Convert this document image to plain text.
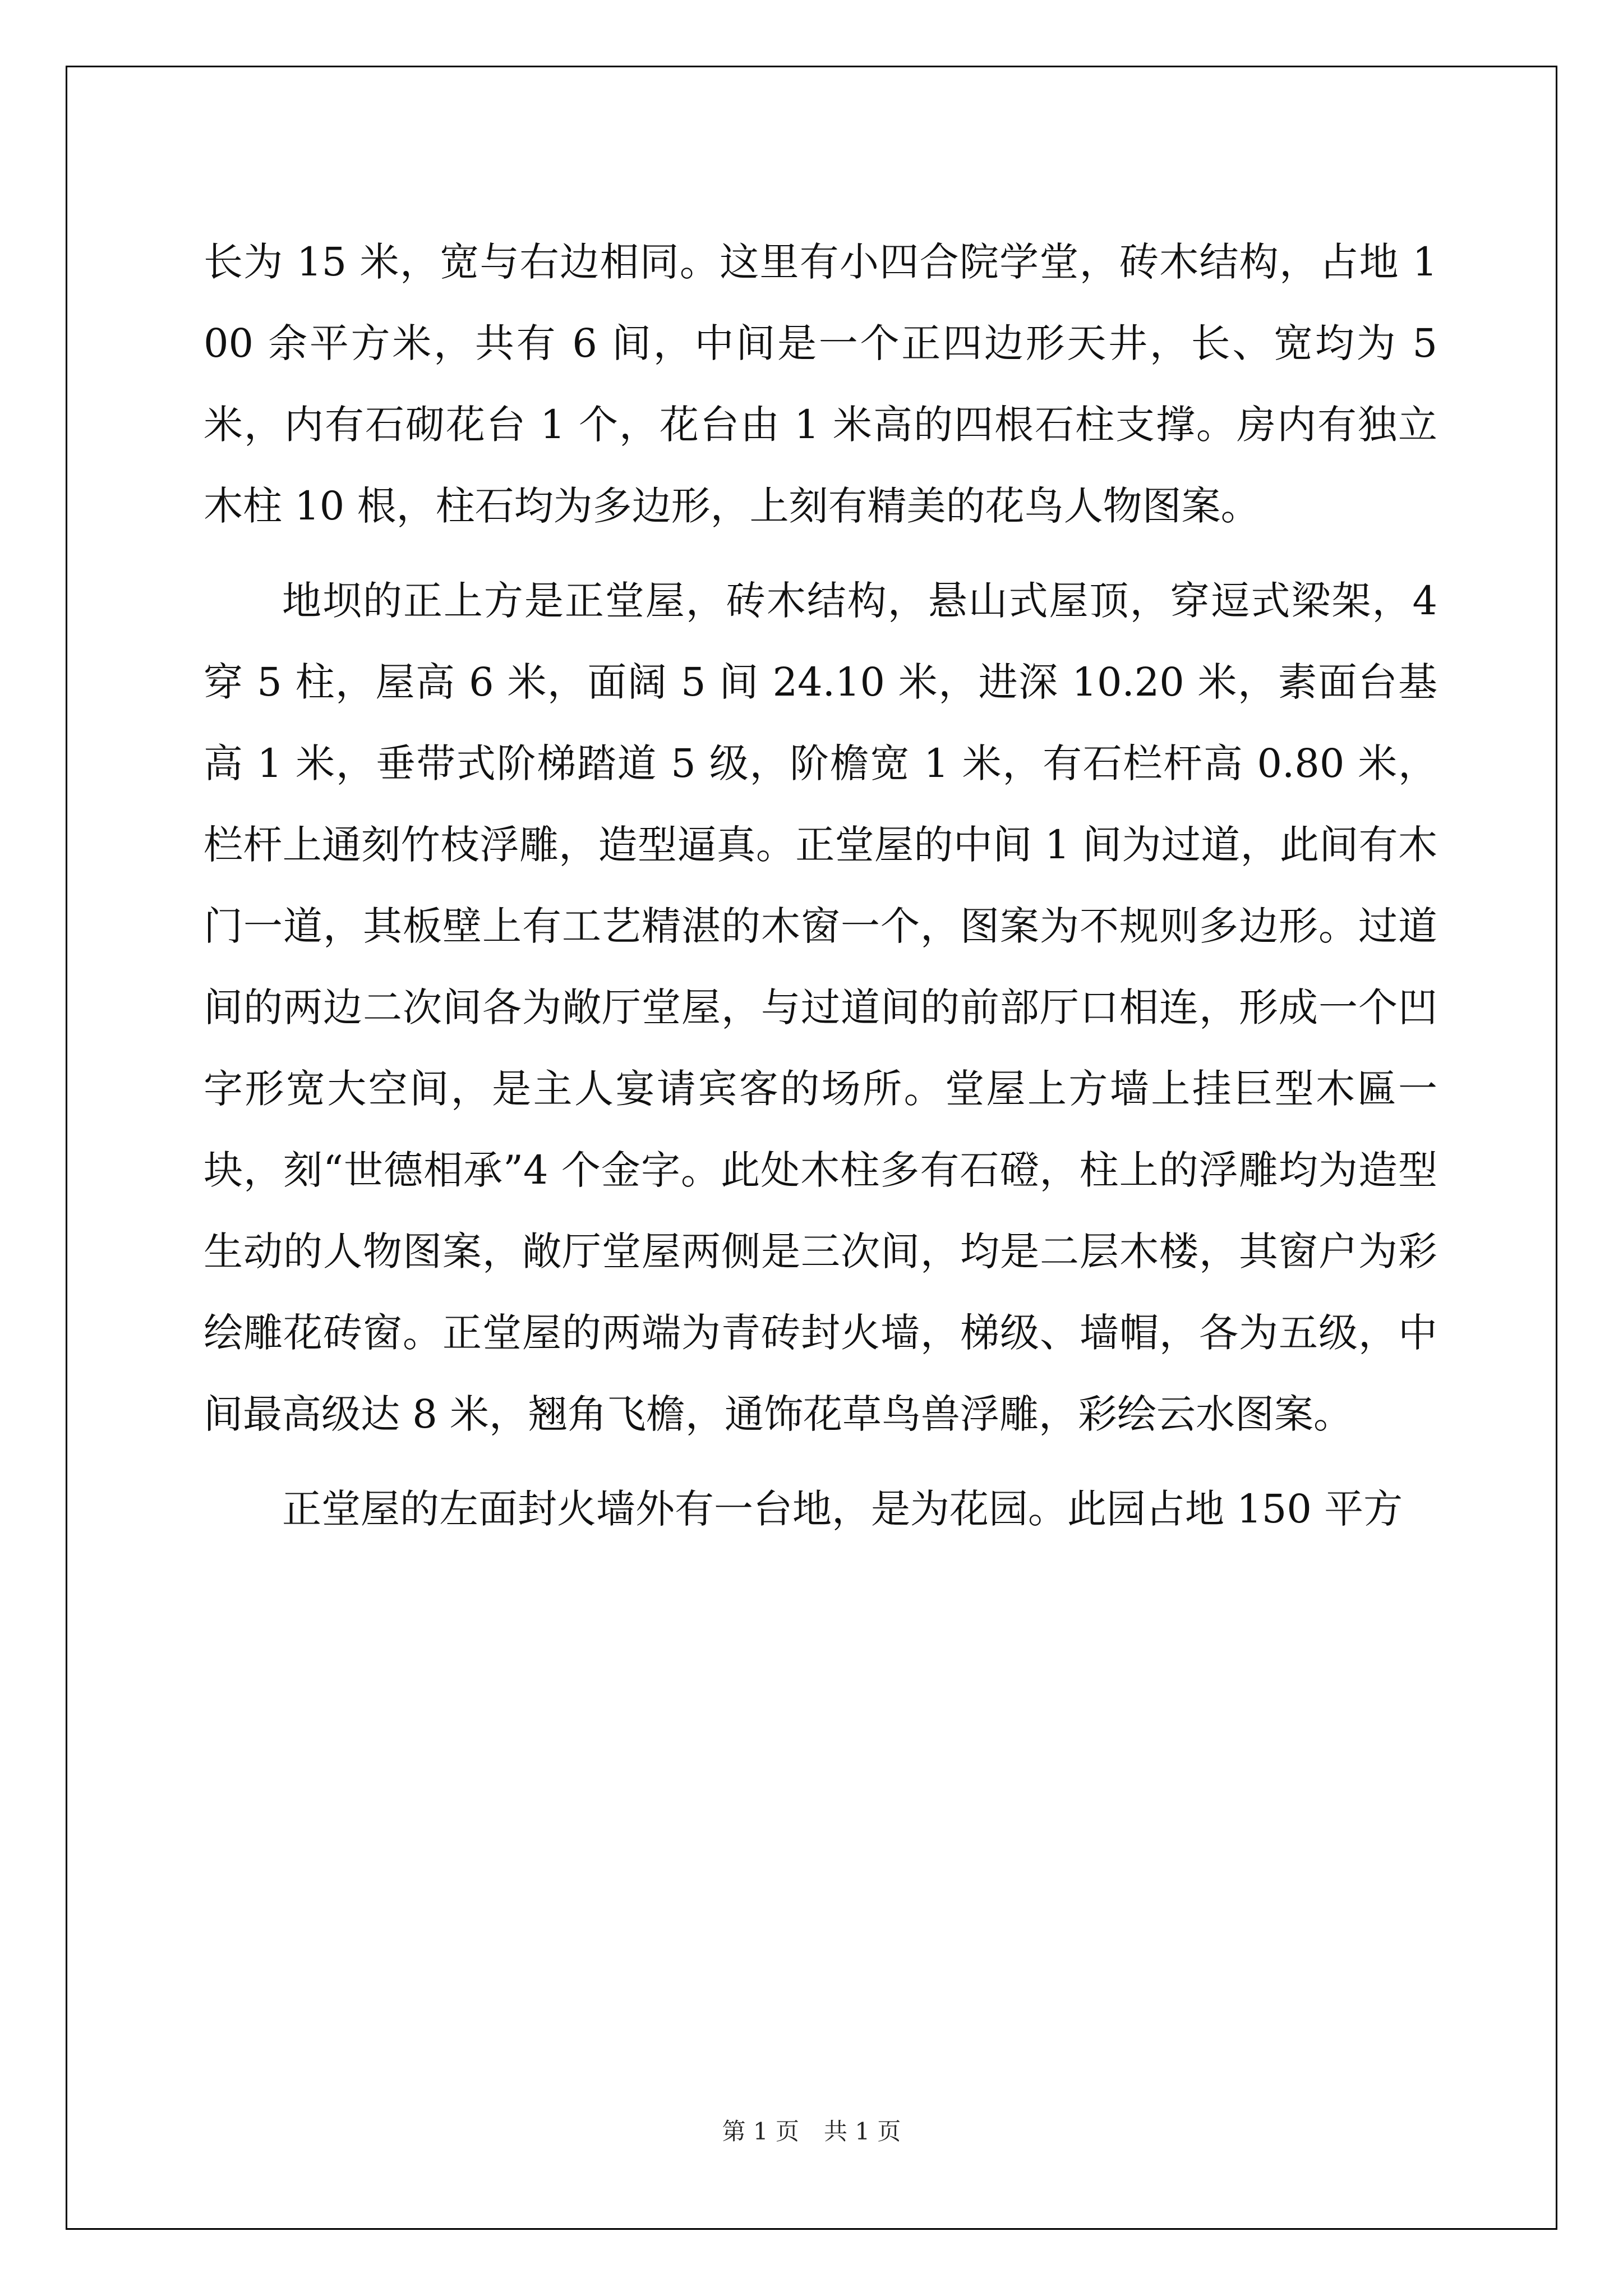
长为 15 米，宽与右边相同。这里有小四合院学堂，砖木结构，占地 100 余平方米，共有 6 间，中间是一个正四边形天井，长、宽均为 5 米，内有石砌花台 1 个，花台由 1 米高的四根石柱支撑。房内有独立木柱 10 根，柱石均为多边形，上刻有精美的花鸟人物图案。

地坝的正上方是正堂屋，砖木结构，悬山式屋顶，穿逗式梁架，4 穿 5 柱，屋高 6 米，面阔 5 间 24.10 米，进深 10.20 米，素面台基高 1 米，垂带式阶梯踏道 5 级，阶檐宽 1 米，有石栏杆高 0.80 米，栏杆上通刻竹枝浮雕，造型逼真。正堂屋的中间 1 间为过道，此间有木门一道，其板壁上有工艺精湛的木窗一个，图案为不规则多边形。过道间的两边二次间各为敞厅堂屋，与过道间的前部厅口相连，形成一个凹字形宽大空间，是主人宴请宾客的场所。堂屋上方墙上挂巨型木匾一块，刻“世德相承”4 个金字。此处木柱多有石磴，柱上的浮雕均为造型生动的人物图案，敞厅堂屋两侧是三次间，均是二层木楼，其窗户为彩绘雕花砖窗。正堂屋的两端为青砖封火墙，梯级、墙帽，各为五级，中间最高级达 8 米，翘角飞檐，通饰花草鸟兽浮雕，彩绘云水图案。

正堂屋的左面封火墙外有一台地，是为花园。此园占地 150 平方

第 1 页 共 1 页
